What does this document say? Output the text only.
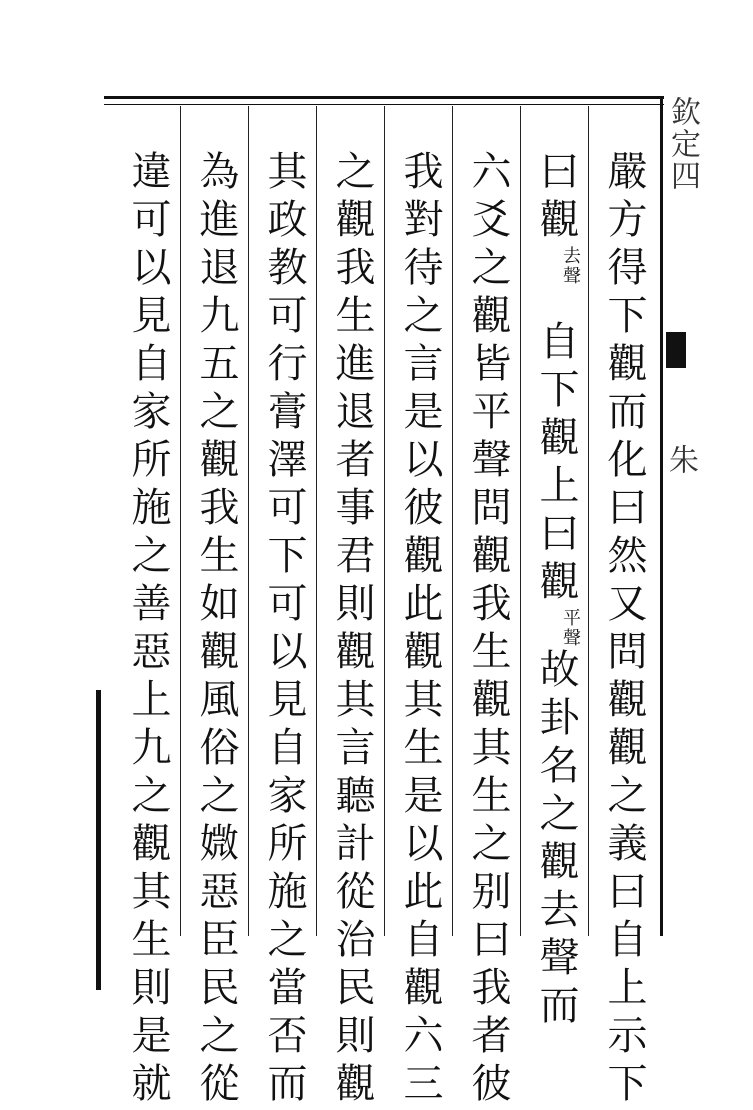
嚴方得下觀而化曰然又問觀觀之義曰自上示下
曰觀
去聲
自下觀上曰觀
平聲
故卦名之觀去聲而
六爻之觀皆平聲問觀我生觀其生之别曰我者彼
我對待之言是以彼觀此觀其生是以此自觀六三
之觀我生進退者事君則觀其言聽計從治民則觀
其政教可行膏澤可下可以見自家所施之當否而
為進退九五之觀我生如觀風俗之媺惡臣民之從
違可以見自家所施之善惡上九之觀其生則是就
欽定四
朱
